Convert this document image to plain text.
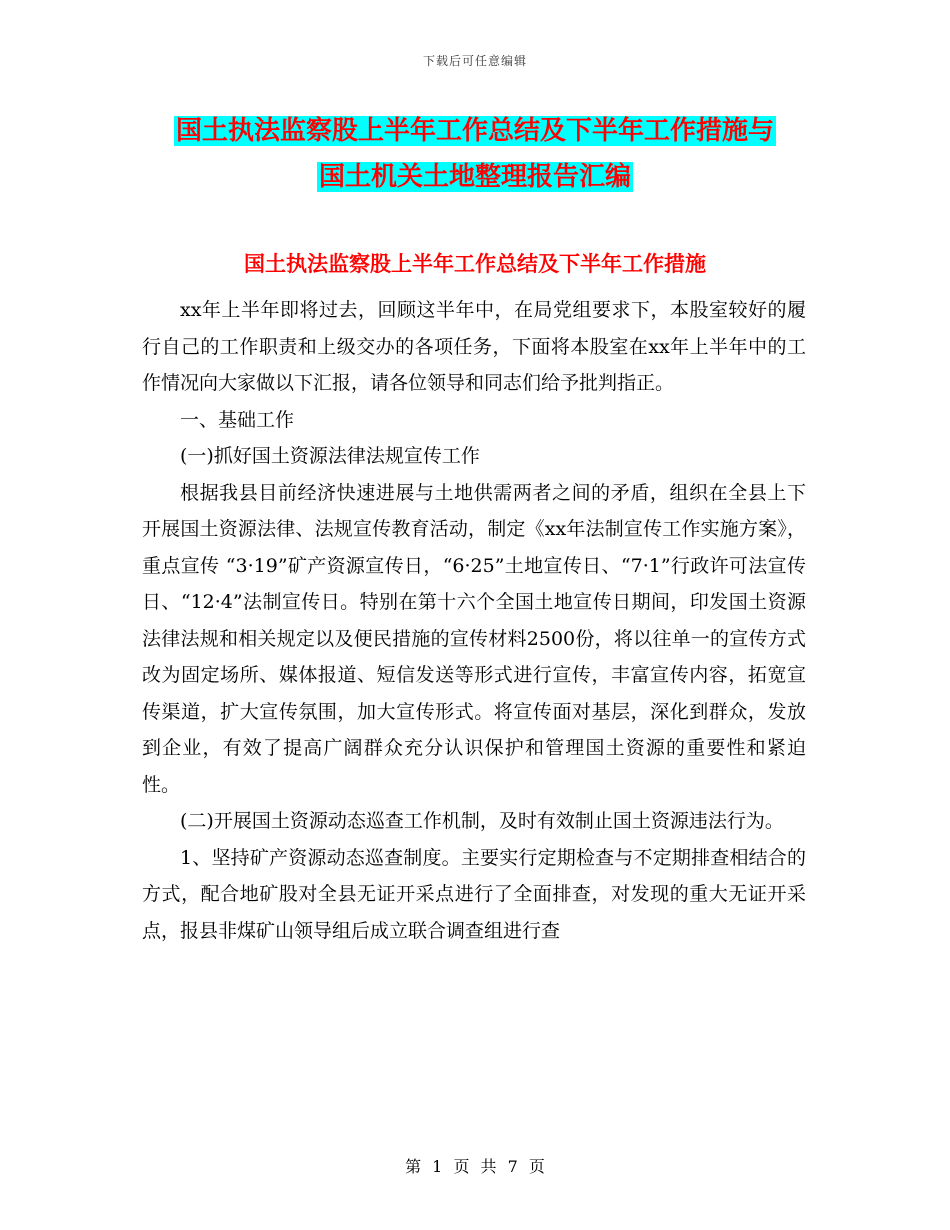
下载后可任意编辑
国土执法监察股上半年工作总结及下半年工作措施与
国土机关土地整理报告汇编
国土执法监察股上半年工作总结及下半年工作措施

xx年上半年即将过去，回顾这半年中，在局党组要求下，本股室较好的履行自己的工作职责和上级交办的各项任务，下面将本股室在xx年上半年中的工作情况向大家做以下汇报，请各位领导和同志们给予批判指正。

一、基础工作

(一)抓好国土资源法律法规宣传工作

根据我县目前经济快速进展与土地供需两者之间的矛盾，组织在全县上下开展国土资源法律、法规宣传教育活动，制定《xx年法制宣传工作实施方案》，重点宣传 “3·19”矿产资源宣传日，“6·25”土地宣传日、“7·1”行政许可法宣传日、“12·4”法制宣传日。特别在第十六个全国土地宣传日期间，印发国土资源法律法规和相关规定以及便民措施的宣传材料2500份，将以往单一的宣传方式改为固定场所、媒体报道、短信发送等形式进行宣传，丰富宣传内容，拓宽宣传渠道，扩大宣传氛围，加大宣传形式。将宣传面对基层，深化到群众，发放到企业，有效了提高广阔群众充分认识保护和管理国土资源的重要性和紧迫性。

(二)开展国土资源动态巡查工作机制，及时有效制止国土资源违法行为。

1、坚持矿产资源动态巡查制度。主要实行定期检查与不定期排查相结合的方式，配合地矿股对全县无证开采点进行了全面排查，对发现的重大无证开采点，报县非煤矿山领导组后成立联合调查组进行查

第 1 页 共 7 页
